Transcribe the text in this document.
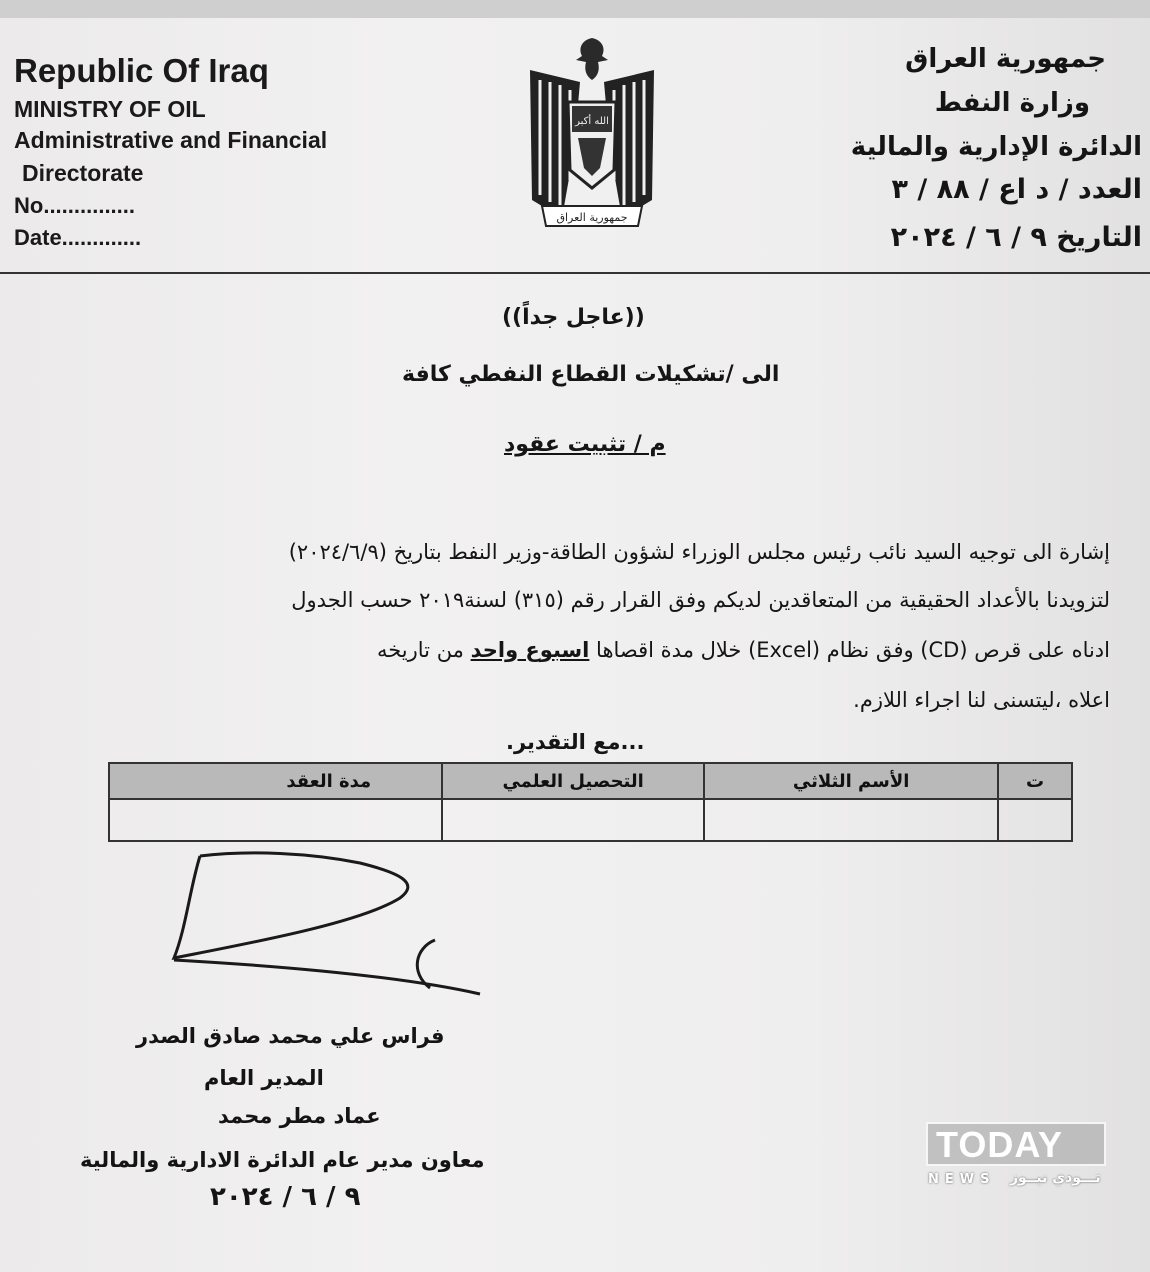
Republic Of Iraq
MINISTRY OF OIL
Administrative and Financial
Directorate
No...............
Date.............
الله أكبر
جمهورية العراق
جمهورية العراق
وزارة النفط
الدائرة الإدارية والمالية
العدد / د اع / ٨٨ / ٣
التاريخ ٩ / ٦ / ٢٠٢٤
((عاجل جداً))
الى /تشكيلات القطاع النفطي كافة
م / تثبيت عقود
إشارة الى توجيه السيد نائب رئيس مجلس الوزراء لشؤون الطاقة-وزير النفط بتاريخ (٢٠٢٤/٦/٩)
لتزويدنا بالأعداد الحقيقية من المتعاقدين لديكم وفق القرار رقم (٣١٥) لسنة٢٠١٩ حسب الجدول
ادناه على قرص (CD) وفق نظام (Excel) خلال مدة اقصاها اسبوع واحد من تاريخه
اعلاه ،ليتسنى لنا اجراء اللازم.
...مع التقدير.
مدة العقد	التحصيل العلمي	الأسم الثلاثي	ت

فراس علي محمد صادق الصدر
المدير العام
عماد مطر محمد
معاون مدير عام الدائرة الادارية والمالية
٩ / ٦ / ٢٠٢٤
TODAY
NEWS تـــودي نيــوز
